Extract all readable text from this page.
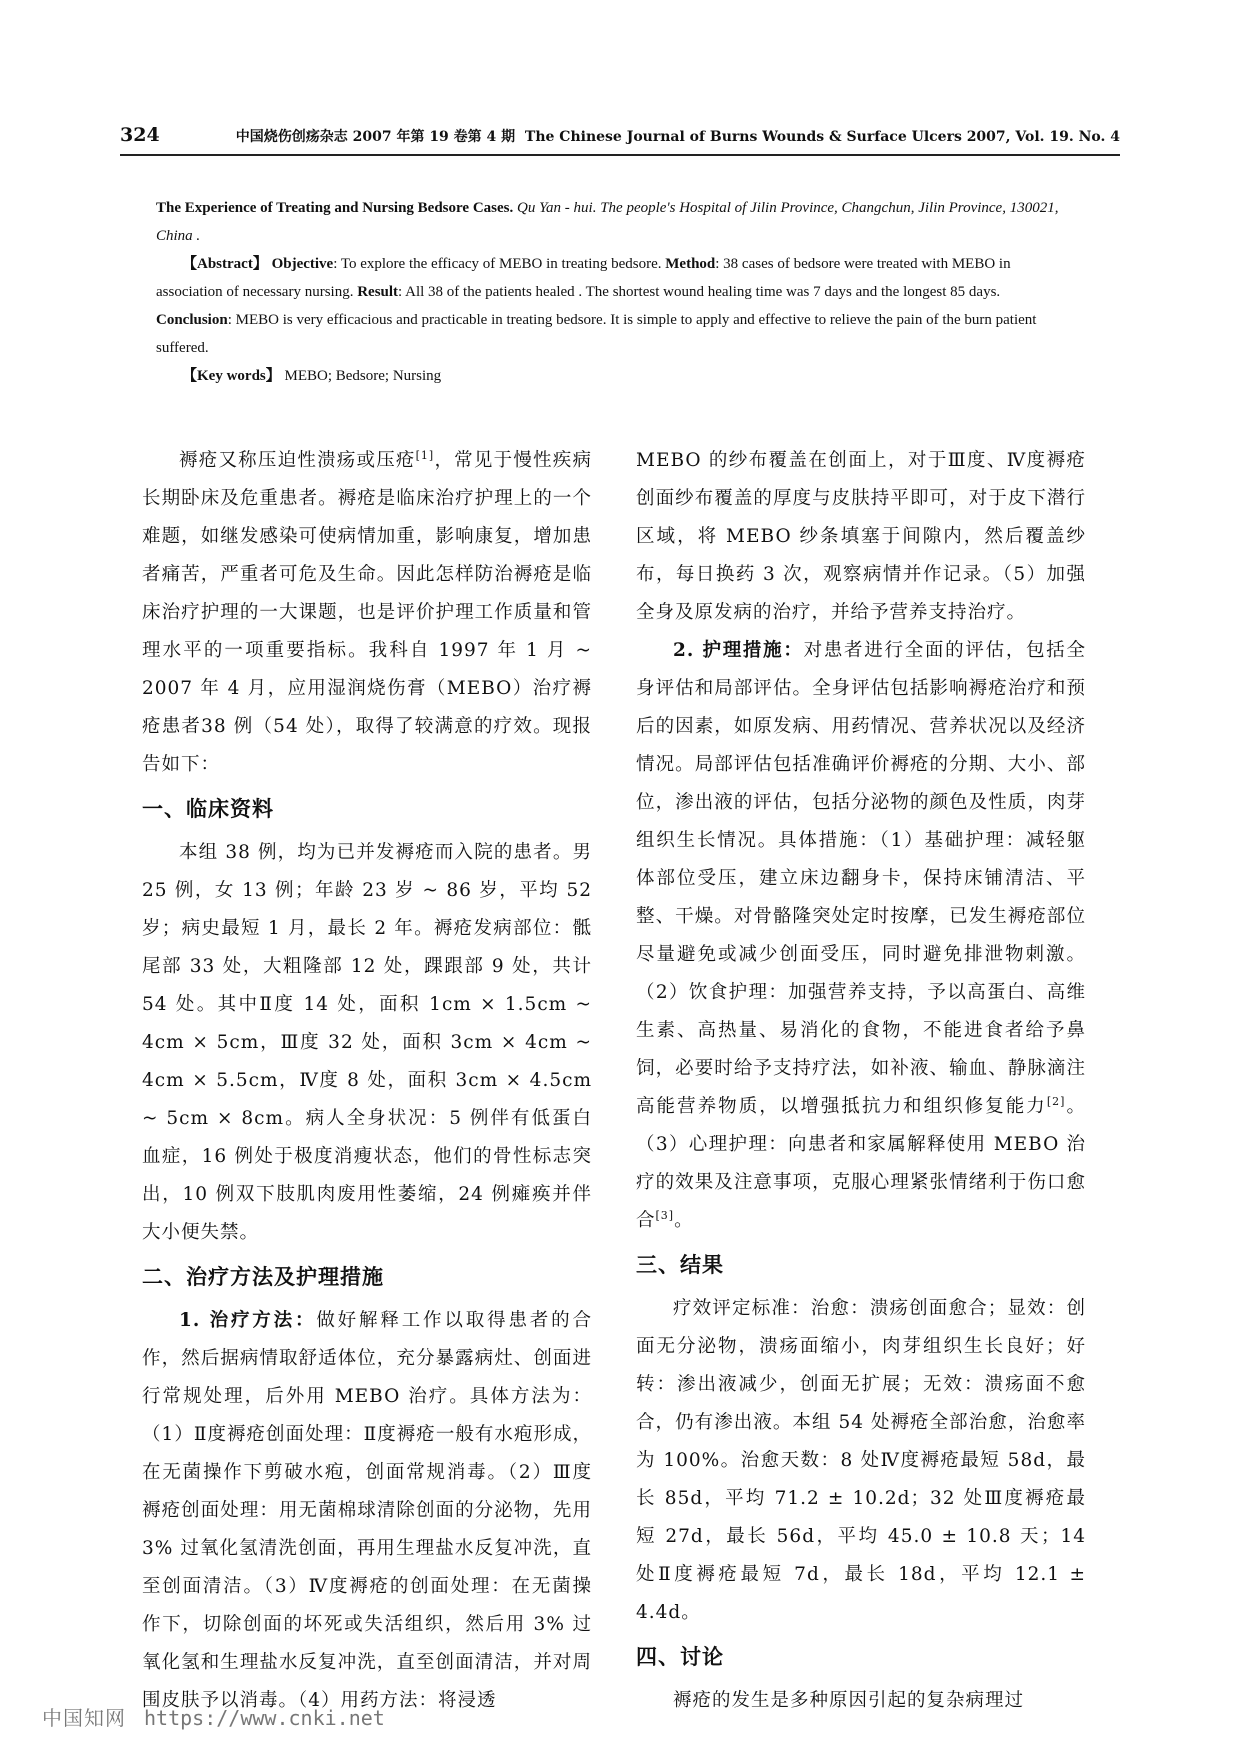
324	中国烧伤创疡杂志 2007 年第 19 卷第 4 期 The Chinese Journal of Burns Wounds & Surface Ulcers 2007, Vol. 19. No. 4

The Experience of Treating and Nursing Bedsore Cases. Qu Yan - hui. The people's Hospital of Jilin Province, Changchun, Jilin Province, 130021, China .

【Abstract】 Objective: To explore the efficacy of MEBO in treating bedsore. Method: 38 cases of bedsore were treated with MEBO in association of necessary nursing. Result: All 38 of the patients healed . The shortest wound healing time was 7 days and the longest 85 days. Conclusion: MEBO is very efficacious and practicable in treating bedsore. It is simple to apply and effective to relieve the pain of the burn patient suffered.

【Key words】 MEBO; Bedsore; Nursing

褥疮又称压迫性溃疡或压疮[1]，常见于慢性疾病长期卧床及危重患者。褥疮是临床治疗护理上的一个难题，如继发感染可使病情加重，影响康复，增加患者痛苦，严重者可危及生命。因此怎样防治褥疮是临床治疗护理的一大课题，也是评价护理工作质量和管理水平的一项重要指标。我科自 1997 年 1 月 ~ 2007 年 4 月，应用湿润烧伤膏（MEBO）治疗褥疮患者38 例（54 处），取得了较满意的疗效。现报告如下：

一、临床资料

本组 38 例，均为已并发褥疮而入院的患者。男 25 例，女 13 例；年龄 23 岁 ~ 86 岁，平均 52 岁；病史最短 1 月，最长 2 年。褥疮发病部位：骶尾部 33 处，大粗隆部 12 处，踝跟部 9 处，共计 54 处。其中Ⅱ度 14 处，面积 1cm × 1.5cm ~ 4cm × 5cm，Ⅲ度 32 处，面积 3cm × 4cm ~ 4cm × 5.5cm，Ⅳ度 8 处，面积 3cm × 4.5cm ~ 5cm × 8cm。病人全身状况：5 例伴有低蛋白血症，16 例处于极度消瘦状态，他们的骨性标志突出，10 例双下肢肌肉废用性萎缩，24 例瘫痪并伴大小便失禁。

二、治疗方法及护理措施

1. 治疗方法：做好解释工作以取得患者的合作，然后据病情取舒适体位，充分暴露病灶、创面进行常规处理，后外用 MEBO 治疗。具体方法为：（1）Ⅱ度褥疮创面处理：Ⅱ度褥疮一般有水疱形成，在无菌操作下剪破水疱，创面常规消毒。（2）Ⅲ度褥疮创面处理：用无菌棉球清除创面的分泌物，先用 3% 过氧化氢清洗创面，再用生理盐水反复冲洗，直至创面清洁。（3）Ⅳ度褥疮的创面处理：在无菌操作下，切除创面的坏死或失活组织，然后用 3% 过氧化氢和生理盐水反复冲洗，直至创面清洁，并对周围皮肤予以消毒。（4）用药方法：将浸透

MEBO 的纱布覆盖在创面上，对于Ⅲ度、Ⅳ度褥疮创面纱布覆盖的厚度与皮肤持平即可，对于皮下潜行区域，将 MEBO 纱条填塞于间隙内，然后覆盖纱布，每日换药 3 次，观察病情并作记录。（5）加强全身及原发病的治疗，并给予营养支持治疗。

2. 护理措施：对患者进行全面的评估，包括全身评估和局部评估。全身评估包括影响褥疮治疗和预后的因素，如原发病、用药情况、营养状况以及经济情况。局部评估包括准确评价褥疮的分期、大小、部位，渗出液的评估，包括分泌物的颜色及性质，肉芽组织生长情况。具体措施：（1）基础护理：减轻躯体部位受压，建立床边翻身卡，保持床铺清洁、平整、干燥。对骨骼隆突处定时按摩，已发生褥疮部位尽量避免或减少创面受压，同时避免排泄物刺激。（2）饮食护理：加强营养支持，予以高蛋白、高维生素、高热量、易消化的食物，不能进食者给予鼻饲，必要时给予支持疗法，如补液、输血、静脉滴注高能营养物质，以增强抵抗力和组织修复能力[2]。（3）心理护理：向患者和家属解释使用 MEBO 治疗的效果及注意事项，克服心理紧张情绪利于伤口愈合[3]。

三、结果

疗效评定标准：治愈：溃疡创面愈合；显效：创面无分泌物，溃疡面缩小，肉芽组织生长良好；好转：渗出液减少，创面无扩展；无效：溃疡面不愈合，仍有渗出液。本组 54 处褥疮全部治愈，治愈率为 100%。治愈天数：8 处Ⅳ度褥疮最短 58d，最长 85d，平均 71.2 ± 10.2d；32 处Ⅲ度褥疮最短 27d，最长 56d，平均 45.0 ± 10.8 天；14 处Ⅱ度褥疮最短 7d，最长 18d，平均 12.1 ± 4.4d。

四、讨论

褥疮的发生是多种原因引起的复杂病理过

中国知网 https://www.cnki.net
